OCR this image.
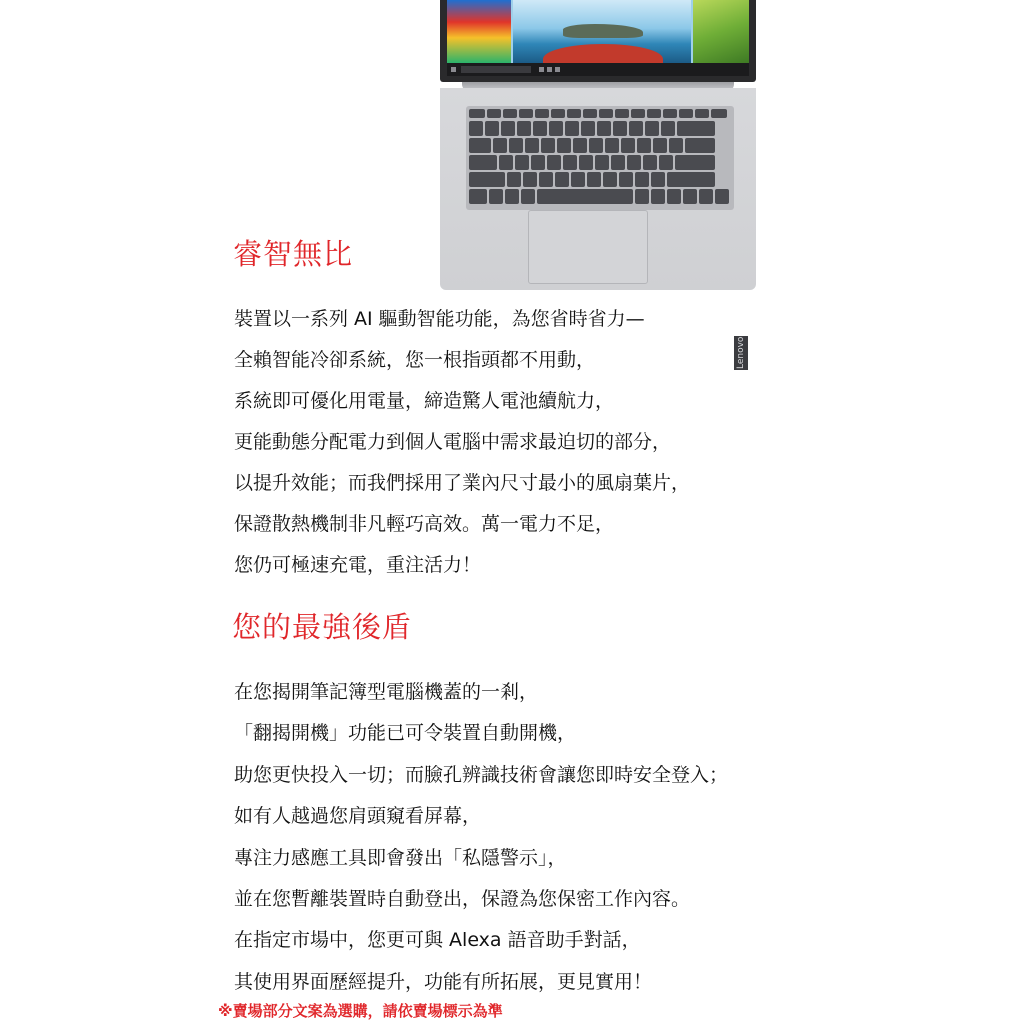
Lenovo
睿智無比
裝置以一系列 AI 驅動智能功能，為您省時省力—
全賴智能冷卻系統，您一根指頭都不用動，
系統即可優化用電量，締造驚人電池續航力，
更能動態分配電力到個人電腦中需求最迫切的部分，
以提升效能；而我們採用了業內尺寸最小的風扇葉片，
保證散熱機制非凡輕巧高效。萬一電力不足，
您仍可極速充電，重注活力！
您的最強後盾
在您揭開筆記簿型電腦機蓋的一剎，
「翻揭開機」功能已可令裝置自動開機，
助您更快投入一切；而臉孔辨識技術會讓您即時安全登入；
如有人越過您肩頭窺看屏幕，
專注力感應工具即會發出「私隱警示」，
並在您暫離裝置時自動登出，保證為您保密工作內容。
在指定市場中，您更可與 Alexa 語音助手對話，
其使用界面歷經提升，功能有所拓展，更見實用！

※賣場部分文案為選購，請依賣場標示為準
